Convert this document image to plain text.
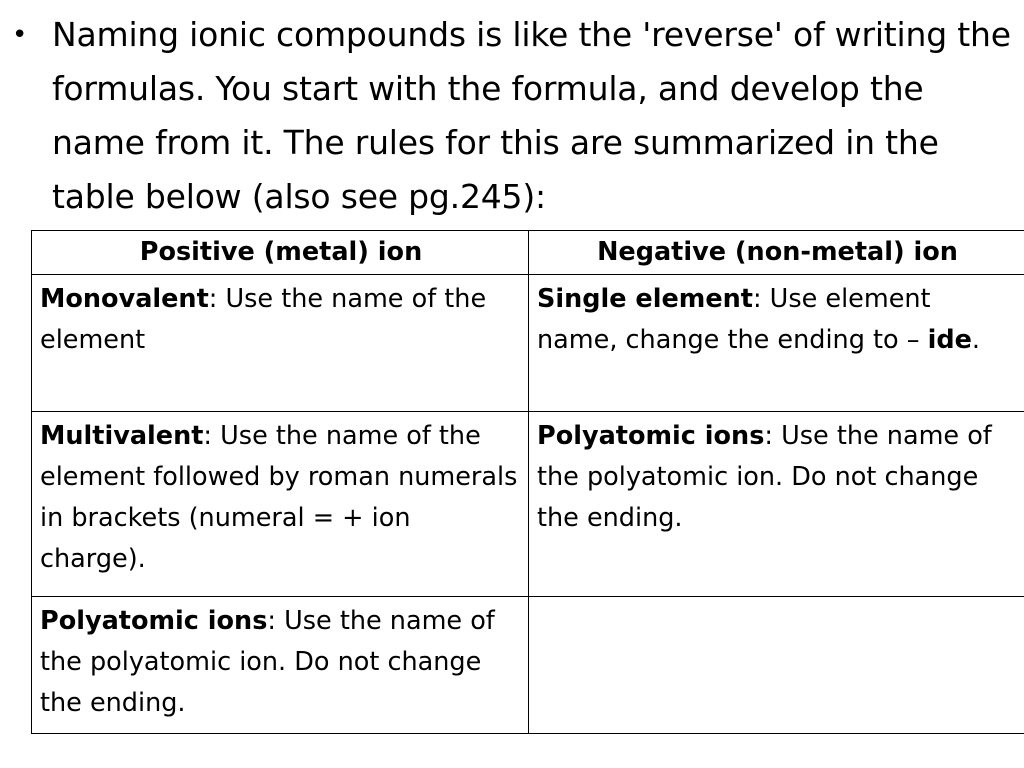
• Naming ionic compounds is like the 'reverse' of writing the formulas. You start with the formula, and develop the name from it. The rules for this are summarized in the table below (also see pg.245):
Positive (metal) ion	Negative (non-metal) ion
Monovalent: Use the name of the element	Single element: Use element name, change the ending to – ide.
Multivalent: Use the name of the element followed by roman numerals in brackets (numeral = + ion charge).	Polyatomic ions: Use the name of the polyatomic ion. Do not change the ending.
Polyatomic ions: Use the name of the polyatomic ion. Do not change the ending.	
